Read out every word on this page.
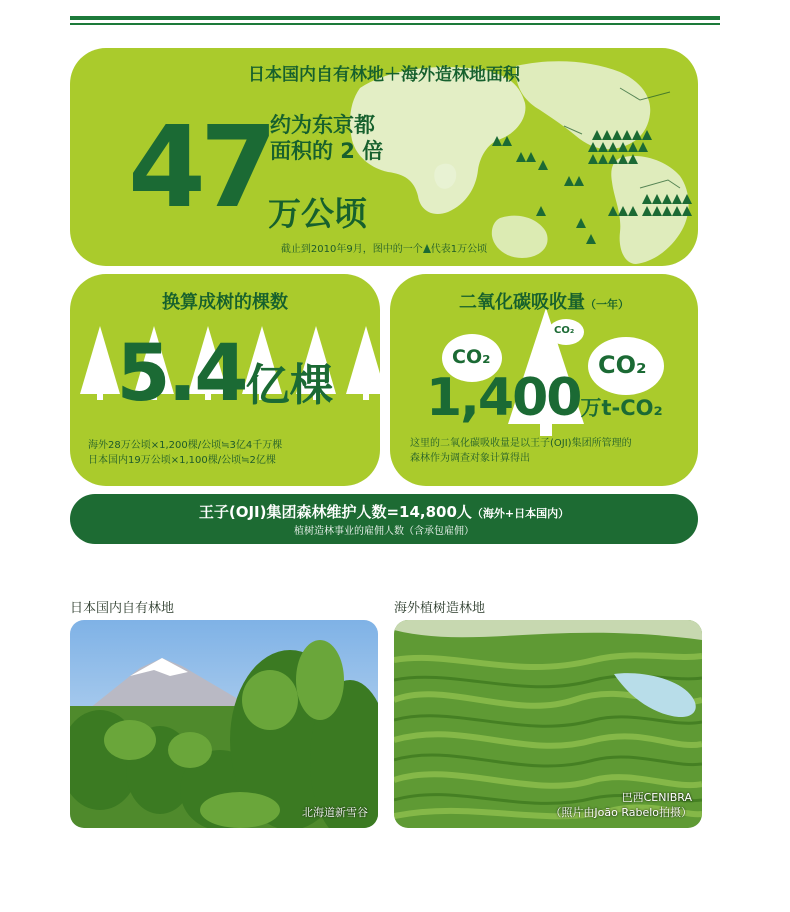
日本国内自有林地＋海外造林地面积
47
约为东京都
面积的 2 倍
万公顷
截止到2010年9月，图中的一个 代表1万公顷
换算成树的棵数
5.4亿棵
海外28万公顷×1,200棵/公顷≒3亿4千万棵
日本国内19万公顷×1,100棵/公顷≒2亿棵
CO₂	CO₂
CO₂
二氧化碳吸收量（一年）
1,400万t-CO₂
这里的二氧化碳吸收量是以王子(OJI)集团所管理的
森林作为调查对象计算得出
王子(OJI)集团森林维护人数=14,800人（海外+日本国内）
植树造林事业的雇佣人数（含承包雇佣）
日本国内自有林地	海外植树造林地
北海道新雪谷
巴西CENIBRA
（照片由João Rabelo拍摄）
